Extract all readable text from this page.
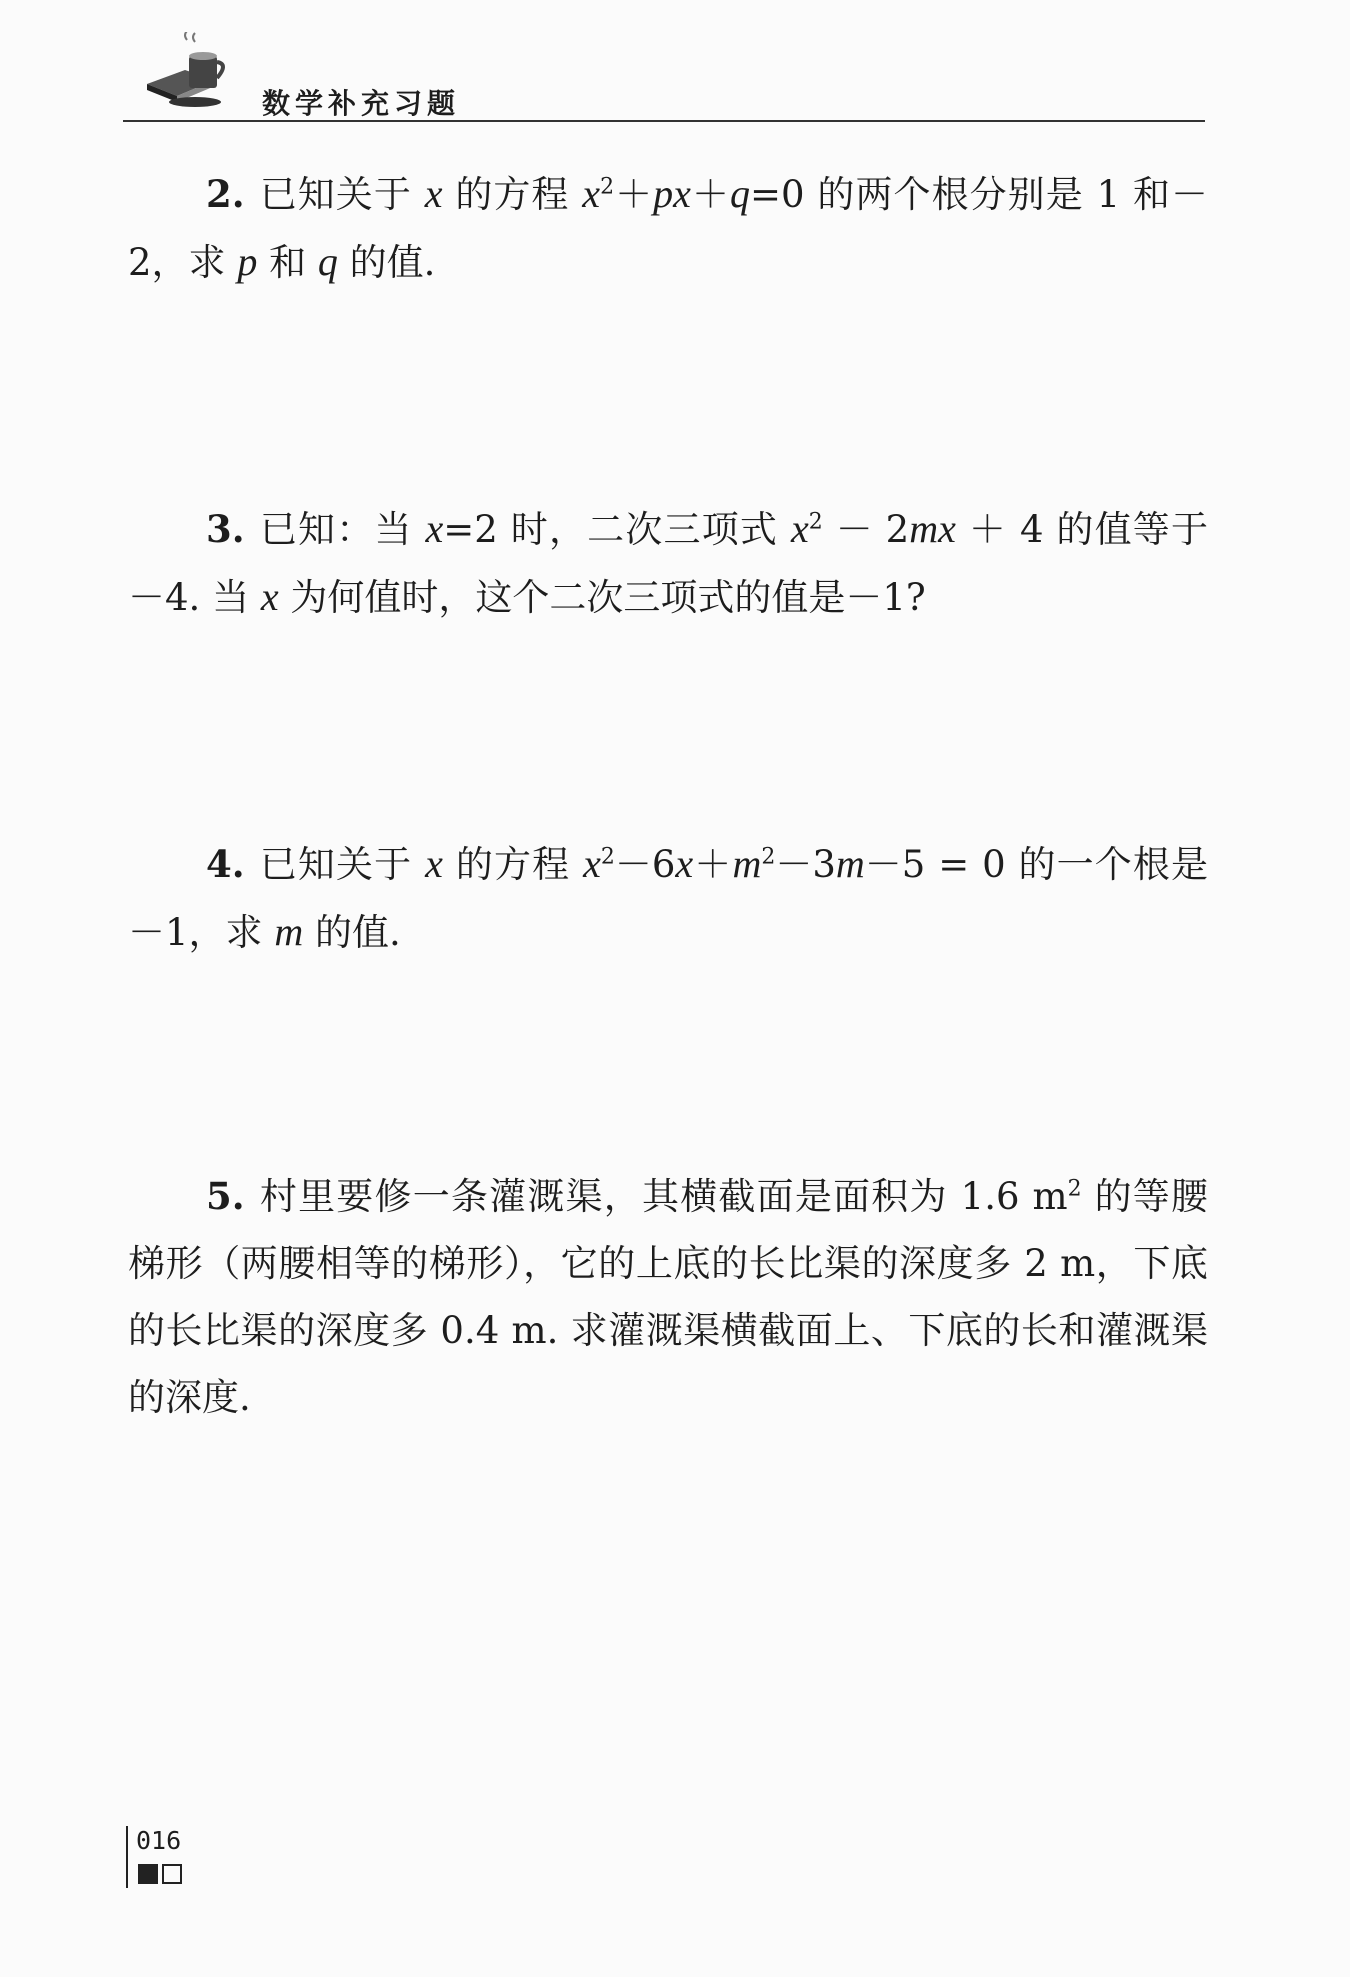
数学补充习题
2. 已知关于 x 的方程 $x^2+px+q=0$ 的两个根分别是 1 和－2，求 p 和 q 的值.
3. 已知：当 x=2 时，二次三项式 $x^2 - 2mx + 4$ 的值等于－4. 当 x 为何值时，这个二次三项式的值是－1?
4. 已知关于 x 的方程 $x^2-6x+m^2-3m-5 = 0$ 的一个根是－1，求 m 的值.
5. 村里要修一条灌溉渠，其横截面是面积为 1.6 $m^2$ 的等腰梯形（两腰相等的梯形），它的上底的长比渠的深度多 2 m，下底的长比渠的深度多 0.4 m. 求灌溉渠横截面上、下底的长和灌溉渠的深度.
016
